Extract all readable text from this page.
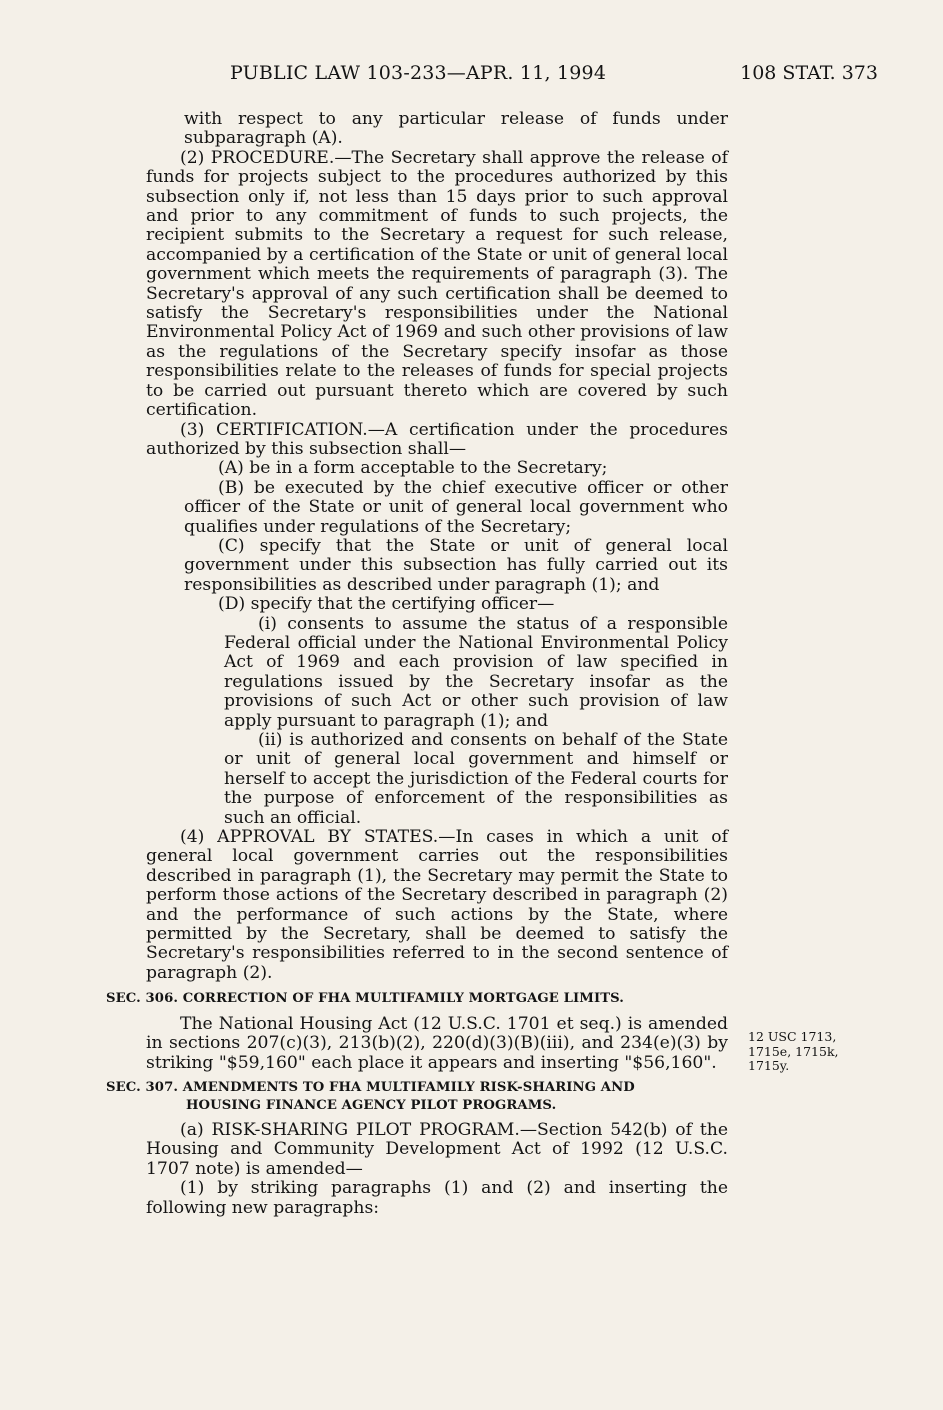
PUBLIC LAW 103-233—APR. 11, 1994	108 STAT. 373

with respect to any particular release of funds under subparagraph (A).

(2) PROCEDURE.—The Secretary shall approve the release of funds for projects subject to the procedures authorized by this subsection only if, not less than 15 days prior to such approval and prior to any commitment of funds to such projects, the recipient submits to the Secretary a request for such release, accompanied by a certification of the State or unit of general local government which meets the requirements of paragraph (3). The Secretary's approval of any such certification shall be deemed to satisfy the Secretary's responsibilities under the National Environmental Policy Act of 1969 and such other provisions of law as the regulations of the Secretary specify insofar as those responsibilities relate to the releases of funds for special projects to be carried out pursuant thereto which are covered by such certification.

(3) CERTIFICATION.—A certification under the procedures authorized by this subsection shall—

(A) be in a form acceptable to the Secretary;

(B) be executed by the chief executive officer or other officer of the State or unit of general local government who qualifies under regulations of the Secretary;

(C) specify that the State or unit of general local government under this subsection has fully carried out its responsibilities as described under paragraph (1); and

(D) specify that the certifying officer—

(i) consents to assume the status of a responsible Federal official under the National Environmental Policy Act of 1969 and each provision of law specified in regulations issued by the Secretary insofar as the provisions of such Act or other such provision of law apply pursuant to paragraph (1); and

(ii) is authorized and consents on behalf of the State or unit of general local government and himself or herself to accept the jurisdiction of the Federal courts for the purpose of enforcement of the responsibilities as such an official.

(4) APPROVAL BY STATES.—In cases in which a unit of general local government carries out the responsibilities described in paragraph (1), the Secretary may permit the State to perform those actions of the Secretary described in paragraph (2) and the performance of such actions by the State, where permitted by the Secretary, shall be deemed to satisfy the Secretary's responsibilities referred to in the second sentence of paragraph (2).

SEC. 306. CORRECTION OF FHA MULTIFAMILY MORTGAGE LIMITS.

The National Housing Act (12 U.S.C. 1701 et seq.) is amended in sections 207(c)(3), 213(b)(2), 220(d)(3)(B)(iii), and 234(e)(3) by striking "$59,160" each place it appears and inserting "$56,160".

SEC. 307. AMENDMENTS TO FHA MULTIFAMILY RISK-SHARING AND
HOUSING FINANCE AGENCY PILOT PROGRAMS.

(a) RISK-SHARING PILOT PROGRAM.—Section 542(b) of the Housing and Community Development Act of 1992 (12 U.S.C. 1707 note) is amended—

(1) by striking paragraphs (1) and (2) and inserting the following new paragraphs:

12 USC 1713, 1715e, 1715k, 1715y.
